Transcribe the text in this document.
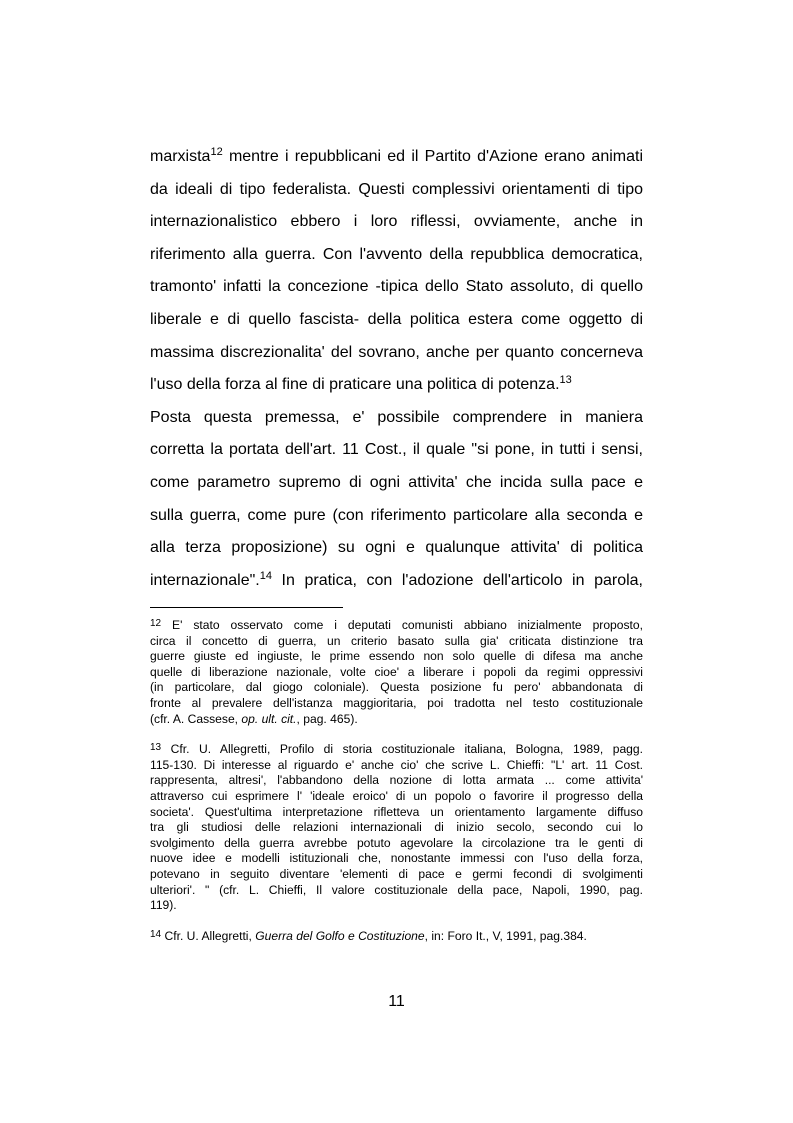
marxista$^{12}$ mentre i repubblicani ed il Partito d'Azione erano animati
da ideali di tipo federalista. Questi complessivi orientamenti di tipo
internazionalistico ebbero i loro riflessi, ovviamente, anche in
riferimento alla guerra. Con l'avvento della repubblica democratica,
tramonto' infatti la concezione -tipica dello Stato assoluto, di quello
liberale e di quello fascista- della politica estera come oggetto di
massima discrezionalita' del sovrano, anche per quanto concerneva
l'uso della forza al fine di praticare una politica di potenza.$^{13}$
Posta questa premessa, e' possibile comprendere in maniera
corretta la portata dell'art. 11 Cost., il quale "si pone, in tutti i sensi,
come parametro supremo di ogni attivita' che incida sulla pace e
sulla guerra, come pure (con riferimento particolare alla seconda e
alla terza proposizione) su ogni e qualunque attivita' di politica
internazionale".$^{14}$ In pratica, con l'adozione dell'articolo in parola,
$^{12}$ E' stato osservato come i deputati comunisti abbiano inizialmente proposto,
circa il concetto di guerra, un criterio basato sulla gia' criticata distinzione tra
guerre giuste ed ingiuste, le prime essendo non solo quelle di difesa ma anche
quelle di liberazione nazionale, volte cioe' a liberare i popoli da regimi oppressivi
(in particolare, dal giogo coloniale). Questa posizione fu pero' abbandonata di
fronte al prevalere dell'istanza maggioritaria, poi tradotta nel testo costituzionale
(cfr. A. Cassese, op. ult. cit., pag. 465).
$^{13}$ Cfr. U. Allegretti, Profilo di storia costituzionale italiana, Bologna, 1989, pagg.
115-130. Di interesse al riguardo e' anche cio' che scrive L. Chieffi: "L' art. 11 Cost.
rappresenta, altresi', l'abbandono della nozione di lotta armata ... come attivita'
attraverso cui esprimere l' 'ideale eroico' di un popolo o favorire il progresso della
societa'. Quest'ultima interpretazione rifletteva un orientamento largamente diffuso
tra gli studiosi delle relazioni internazionali di inizio secolo, secondo cui lo
svolgimento della guerra avrebbe potuto agevolare la circolazione tra le genti di
nuove idee e modelli istituzionali che, nonostante immessi con l'uso della forza,
potevano in seguito diventare 'elementi di pace e germi fecondi di svolgimenti
ulteriori'. " (cfr. L. Chieffi, Il valore costituzionale della pace, Napoli, 1990, pag.
119).
$^{14}$ Cfr. U. Allegretti, Guerra del Golfo e Costituzione, in: Foro It., V, 1991, pag.384.
11
